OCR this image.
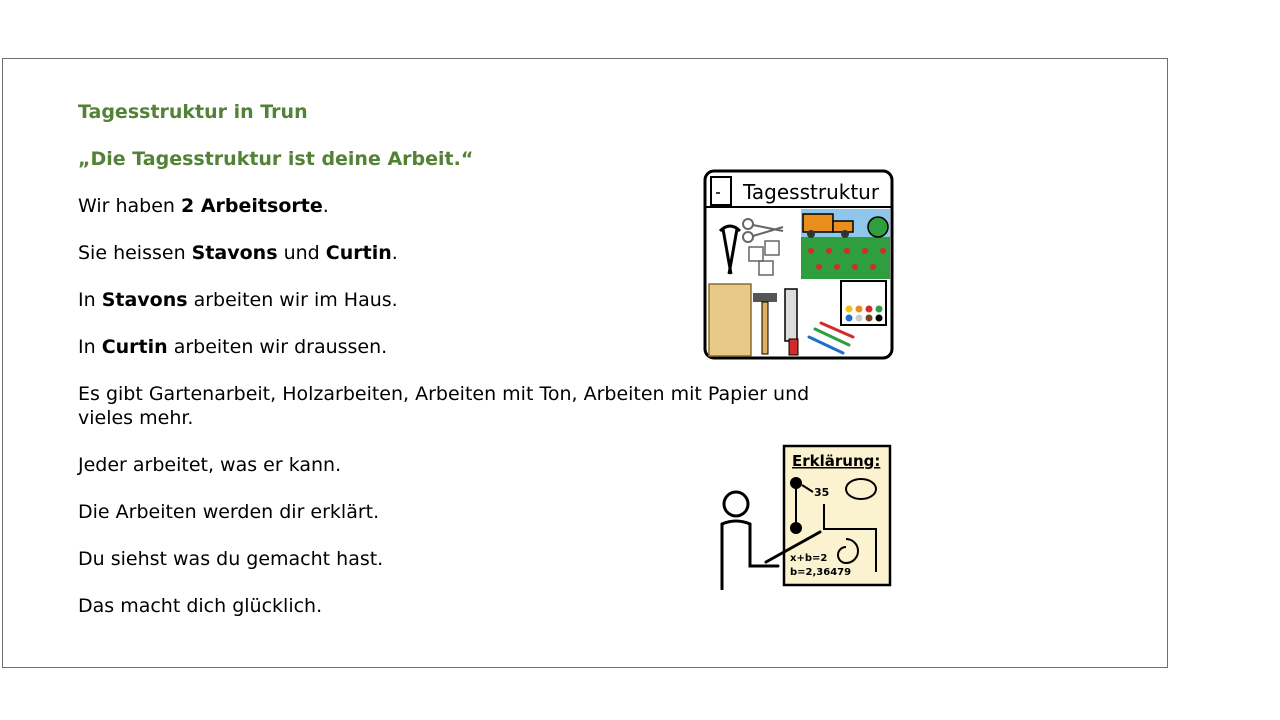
Tagesstruktur in Trun

„Die Tagesstruktur ist deine Arbeit.“

Wir haben 2 Arbeitsorte.

Sie heissen Stavons und Curtin.

In Stavons arbeiten wir im Haus.

In Curtin arbeiten wir draussen.

Es gibt Gartenarbeit, Holzarbeiten, Arbeiten mit Ton, Arbeiten mit Papier und vieles mehr.

Jeder arbeitet, was er kann.

Die Arbeiten werden dir erklärt.

Du siehst was du gemacht hast.

Das macht dich glücklich.

Tagesstruktur
Erklärung:
35
x+b=2
b=2,36479
